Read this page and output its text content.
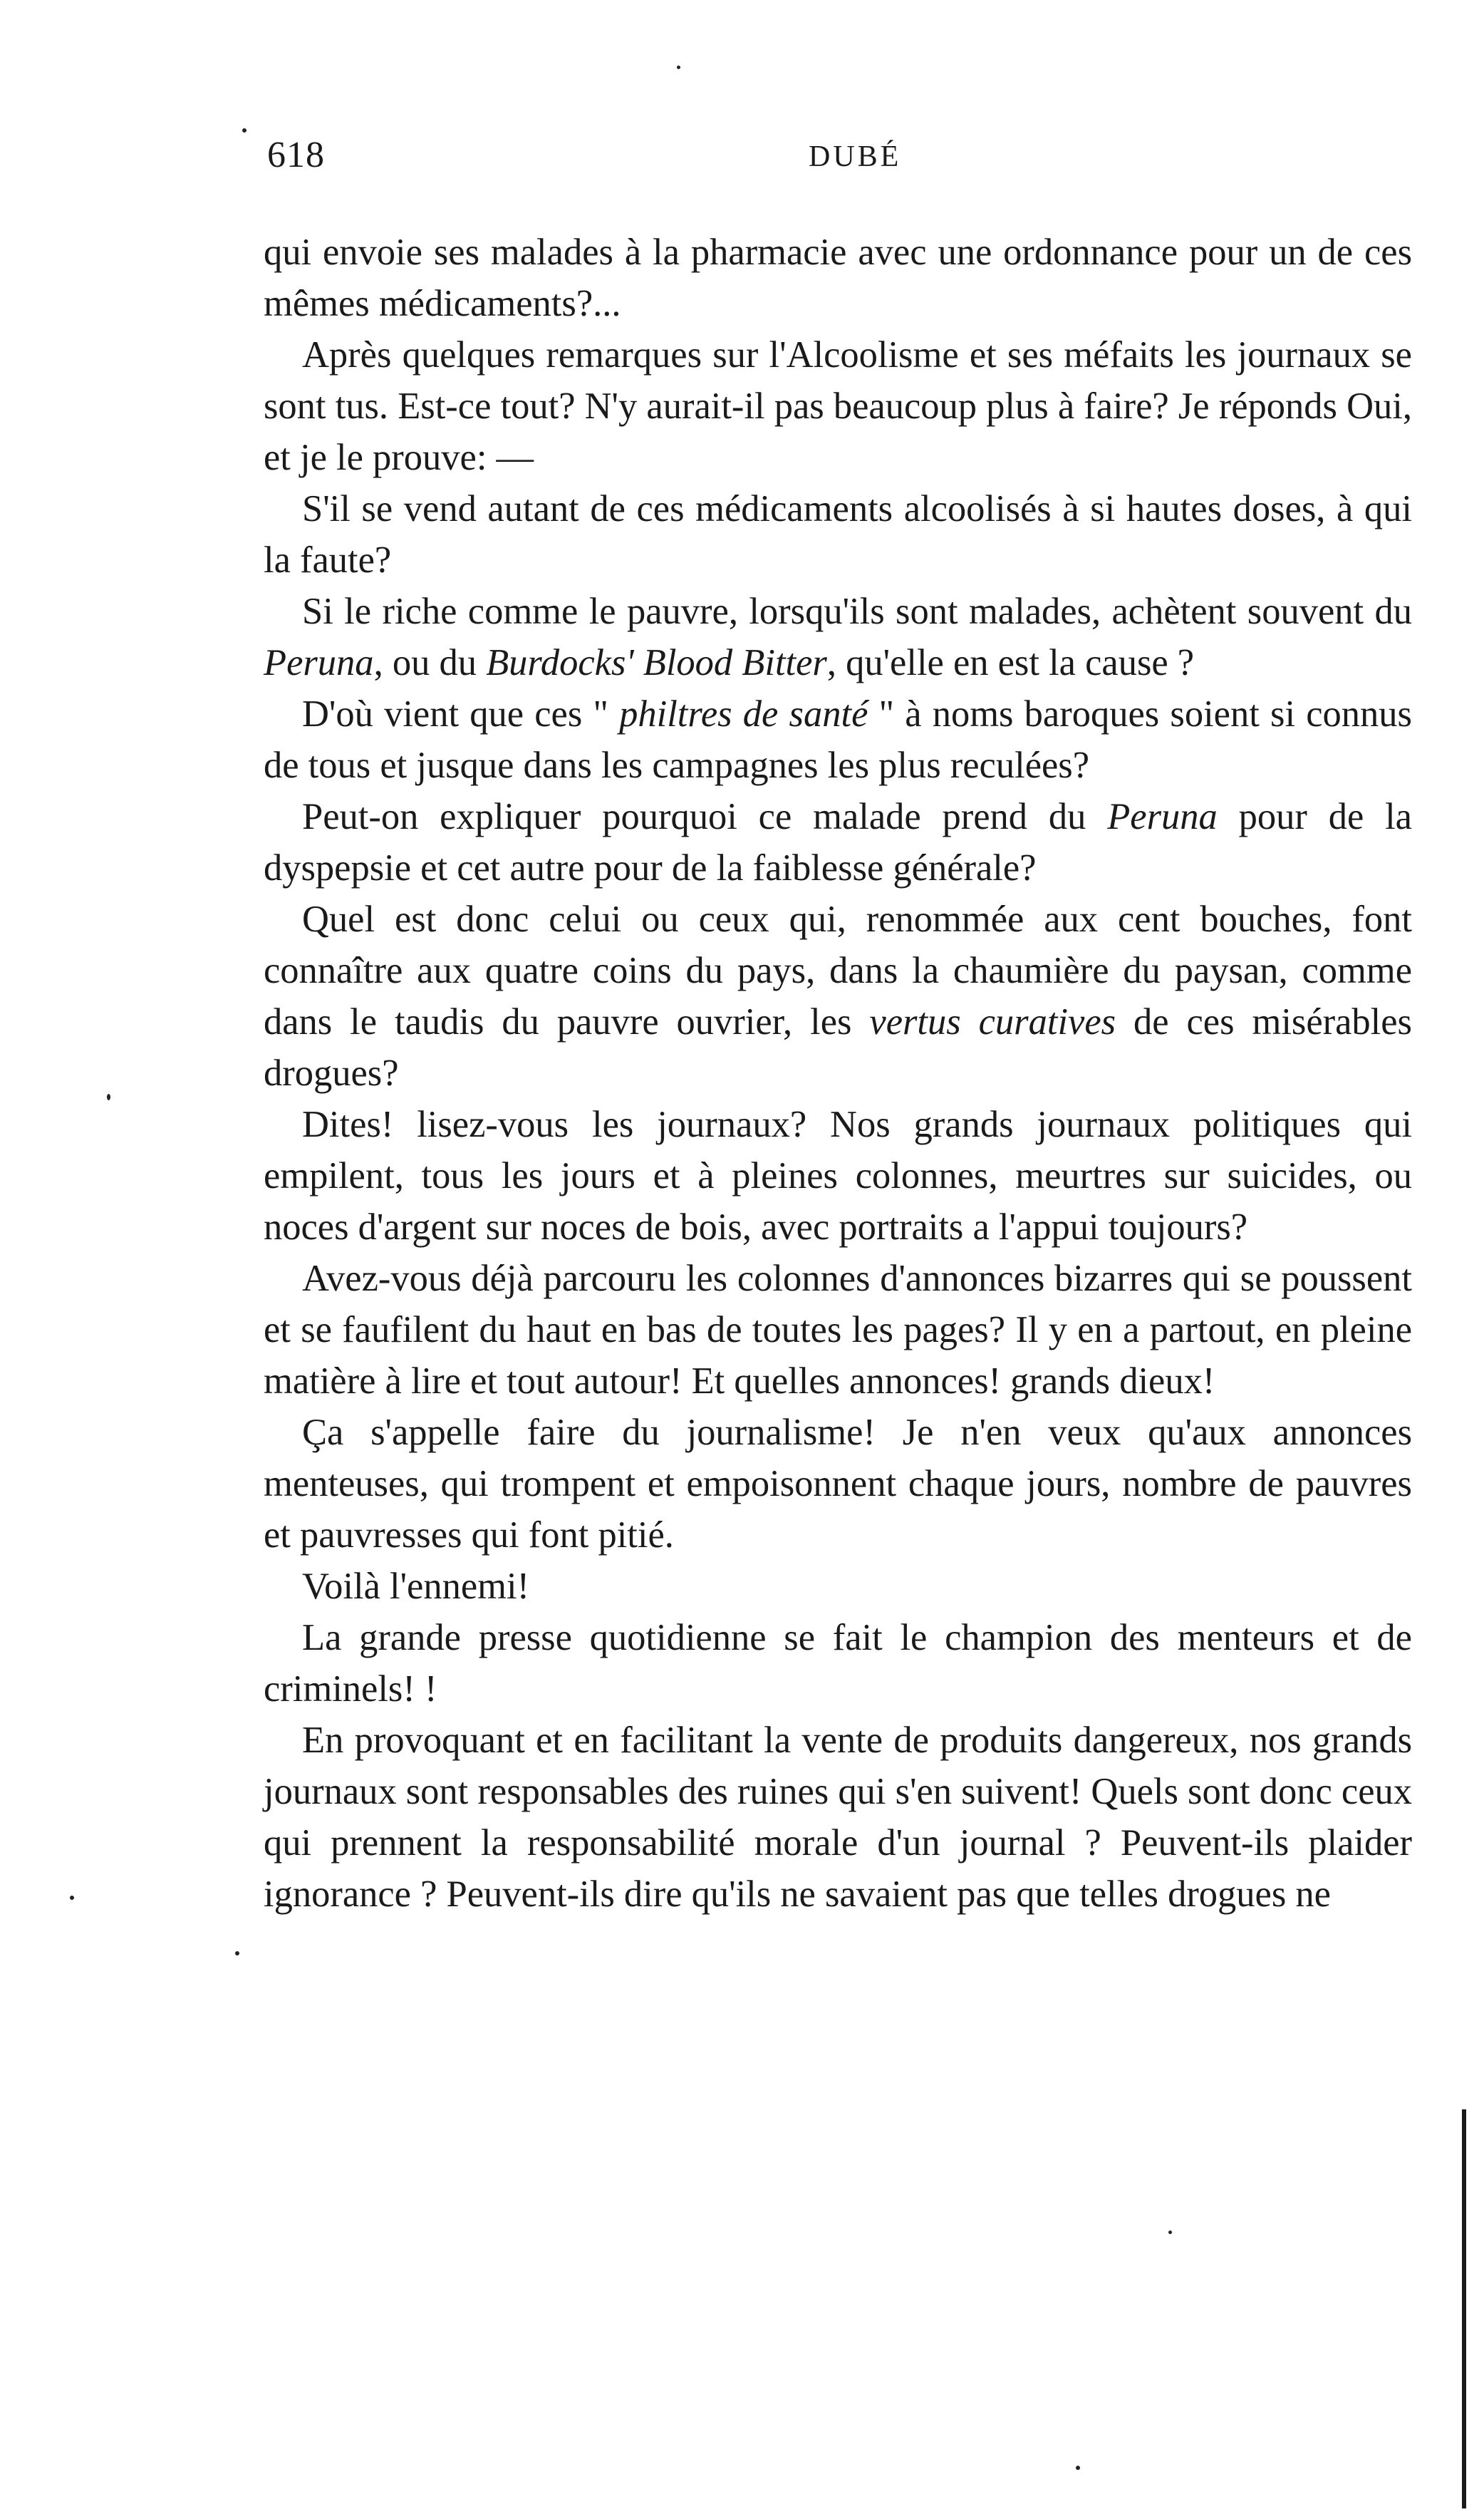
618	DUBÉ

qui envoie ses malades à la pharmacie avec une ordonnance pour un de ces mêmes médicaments?...

Après quelques remarques sur l'Alcoolisme et ses méfaits les journaux se sont tus. Est-ce tout? N'y aurait-il pas beaucoup plus à faire? Je réponds Oui, et je le prouve: —

S'il se vend autant de ces médicaments alcoolisés à si hautes doses, à qui la faute?

Si le riche comme le pauvre, lorsqu'ils sont malades, achètent souvent du Peruna, ou du Burdocks' Blood Bitter, qu'elle en est la cause ?

D'où vient que ces " philtres de santé " à noms baroques soient si connus de tous et jusque dans les campagnes les plus reculées?

Peut-on expliquer pourquoi ce malade prend du Peruna pour de la dyspepsie et cet autre pour de la faiblesse générale?

Quel est donc celui ou ceux qui, renommée aux cent bouches, font connaître aux quatre coins du pays, dans la chaumière du paysan, comme dans le taudis du pauvre ouvrier, les vertus curatives de ces misérables drogues?

Dites! lisez-vous les journaux? Nos grands journaux politiques qui empilent, tous les jours et à pleines colonnes, meurtres sur suicides, ou noces d'argent sur noces de bois, avec portraits a l'appui toujours?

Avez-vous déjà parcouru les colonnes d'annonces bizarres qui se poussent et se faufilent du haut en bas de toutes les pages? Il y en a partout, en pleine matière à lire et tout autour! Et quelles annonces! grands dieux!

Ça s'appelle faire du journalisme! Je n'en veux qu'aux annonces menteuses, qui trompent et empoisonnent chaque jours, nombre de pauvres et pauvresses qui font pitié.

Voilà l'ennemi!

La grande presse quotidienne se fait le champion des menteurs et de criminels! !

En provoquant et en facilitant la vente de produits dangereux, nos grands journaux sont responsables des ruines qui s'en suivent! Quels sont donc ceux qui prennent la responsabilité morale d'un journal ? Peuvent-ils plaider ignorance ? Peuvent-ils dire qu'ils ne savaient pas que telles drogues ne
